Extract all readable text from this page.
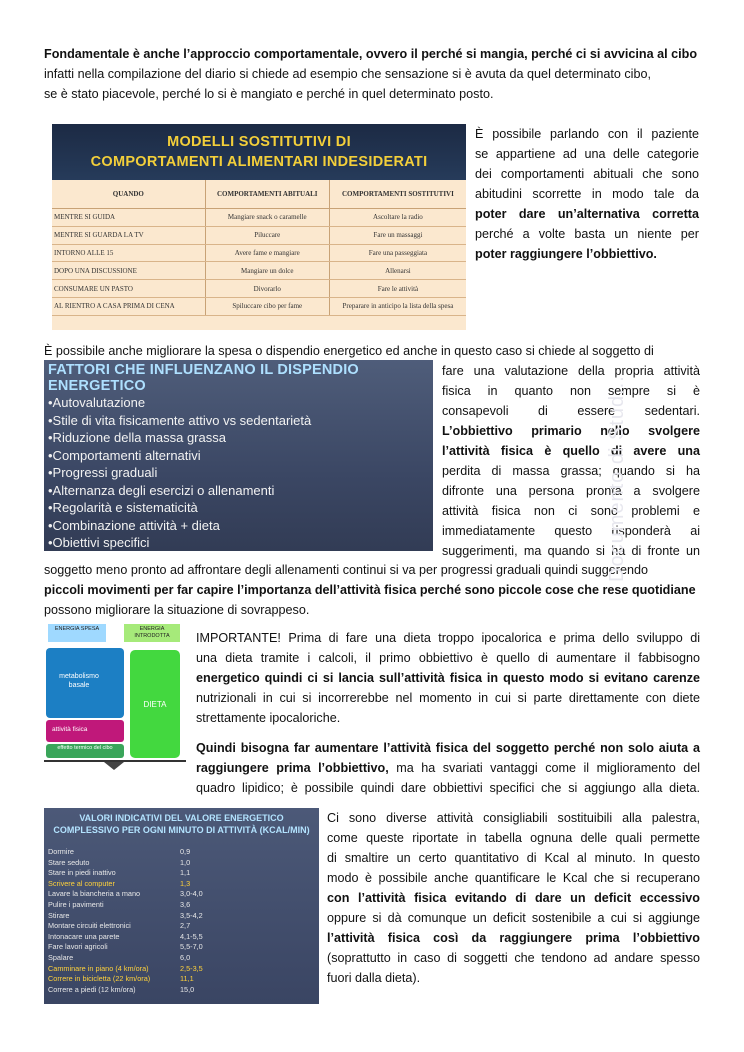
Fondamentale è anche l’approccio comportamentale, ovvero il perché si mangia, perché ci si avvicina al cibo
infatti nella compilazione del diario si chiede ad esempio che sensazione si è avuta da quel determinato cibo,
se è stato piacevole, perché lo si è mangiato e perché in quel determinato posto.
MODELLI SOSTITUTIVI DI
COMPORTAMENTI ALIMENTARI INDESIDERATI
QUANDO	COMPORTAMENTI ABITUALI	COMPORTAMENTI SOSTITUTIVI
MENTRE SI GUIDA	Mangiare snack o caramelle	Ascoltare la radio
MENTRE SI GUARDA LA TV	Piluccare	Fare un massaggi
INTORNO ALLE 15	Avere fame e mangiare	Fare una passeggiata
DOPO UNA DISCUSSIONE	Mangiare un dolce	Allenarsi
CONSUMARE UN PASTO	Divorarlo	Fare le attività
AL RIENTRO A CASA PRIMA DI CENA	Spiluccare cibo per fame	Preparare in anticipo la lista della spesa
È possibile parlando con il paziente
se appartiene ad una delle categorie
dei comportamenti abituali che sono
abitudini scorrette in modo tale da
poter dare un’alternativa corretta
perché a volte basta un niente per
poter raggiungere l’obbiettivo.
È possibile anche migliorare la spesa o dispendio energetico ed anche in questo caso si chiede al soggetto di
FATTORI CHE INFLUENZANO IL DISPENDIO ENERGETICO
•Autovalutazione
•Stile di vita fisicamente attivo vs sedentarietà
•Riduzione della massa grassa
•Comportamenti alternativi
•Progressi graduali
•Alternanza degli esercizi o allenamenti
•Regolarità e sistematicità
•Combinazione attività + dieta
•Obiettivi specifici
fare una valutazione della propria attività
fisica in quanto non sempre si è
consapevoli di essere sedentari.
L’obbiettivo primario nello svolgere
l’attività fisica è quello di avere una
perdita di massa grassa; quando si ha
difronte una persona pronta a svolgere
attività fisica non ci sono problemi e
immediatamente questo risponderà ai
suggerimenti, ma quando si ha di fronte un
soggetto meno pronto ad affrontare degli allenamenti continui si va per progressi graduali quindi suggerendo
piccoli movimenti per far capire l’importanza dell’attività fisica perché sono piccole cose che rese quotidiane
possono migliorare la situazione di sovrappeso.
ENERGIA SPESA	ENERGIA INTRODOTTA
metabolismo basale
attività fisica
effetto termico del cibo
DIETA
IMPORTANTE! Prima di fare una dieta troppo ipocalorica e prima dello sviluppo di
una dieta tramite i calcoli, il primo obbiettivo è quello di aumentare il fabbisogno
energetico quindi ci si lancia sull’attività fisica in questo modo si evitano carenze
nutrizionali in cui si incorrerebbe nel momento in cui si parte direttamente con diete
strettamente ipocaloriche.
Quindi bisogna far aumentare l’attività fisica del soggetto perché non solo aiuta a
raggiungere prima l’obbiettivo, ma ha svariati vantaggi come il miglioramento del
quadro lipidico; è possibile quindi dare obbiettivi specifici che si aggiungo alla dieta.
VALORI INDICATIVI DEL VALORE ENERGETICO
COMPLESSIVO PER OGNI MINUTO DI ATTIVITÀ (KCAL/MIN)
Dormire	0,9
Stare seduto	1,0
Stare in piedi inattivo	1,1
Scrivere al computer	1,3
Lavare la biancheria a mano	3,0-4,0
Pulire i pavimenti	3,6
Stirare	3,5-4,2
Montare circuiti elettronici	2,7
Intonacare una parete	4,1-5,5
Fare lavori agricoli	5,5-7,0
Spalare	6,0
Camminare in piano (4 km/ora)	2,5-3,5
Correre in bicicletta (22 km/ora)	11,1
Correre a piedi (12 km/ora)	15,0
Ci sono diverse attività consigliabili sostituibili alla palestra,
come queste riportate in tabella ognuna delle quali permette
di smaltire un certo quantitativo di Kcal al minuto. In questo
modo è possibile anche quantificare le Kcal che si recuperano
con l’attività fisica evitando di dare un deficit eccessivo
oppure si dà comunque un deficit sostenibile a cui si aggiunge
l’attività fisica così da raggiungere prima l’obbiettivo
(soprattutto in caso di soggetti che tendono ad andare spesso
fuori dalla dieta).
Documento di Stud...
